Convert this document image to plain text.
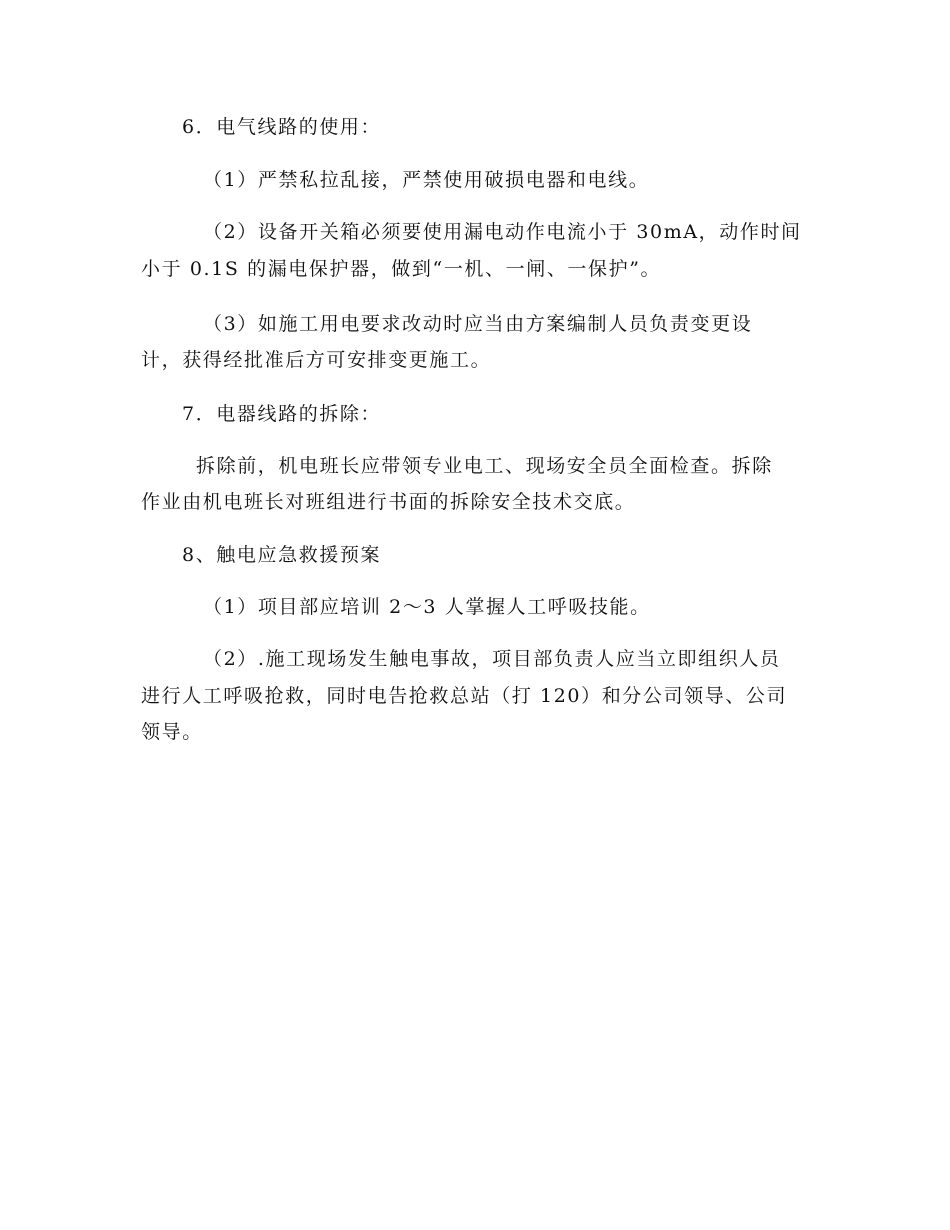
6．电气线路的使用：
（1）严禁私拉乱接，严禁使用破损电器和电线。
（2）设备开关箱必须要使用漏电动作电流小于 30mA，动作时间
小于 0.1S 的漏电保护器，做到“一机、一闸、一保护”。
（3）如施工用电要求改动时应当由方案编制人员负责变更设
计，获得经批准后方可安排变更施工。
7．电器线路的拆除：
拆除前，机电班长应带领专业电工、现场安全员全面检查。拆除
作业由机电班长对班组进行书面的拆除安全技术交底。
8、触电应急救援预案
（1）项目部应培训 2～3 人掌握人工呼吸技能。
（2）.施工现场发生触电事故，项目部负责人应当立即组织人员
进行人工呼吸抢救，同时电告抢救总站（打 120）和分公司领导、公司
领导。
